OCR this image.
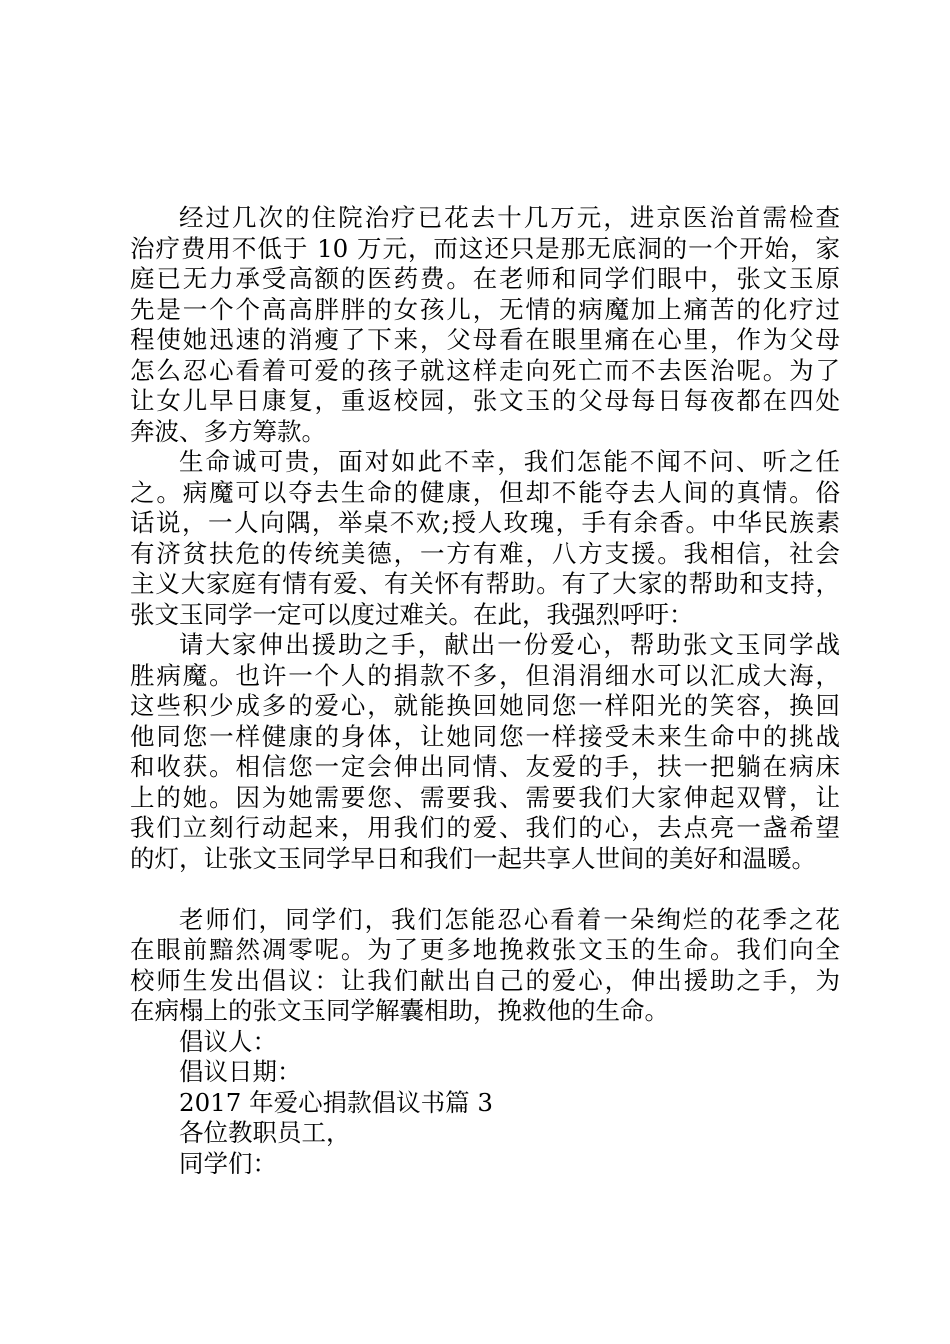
经过几次的住院治疗已花去十几万元，进京医治首需检查
治疗费用不低于 10 万元，而这还只是那无底洞的一个开始，家
庭已无力承受高额的医药费。在老师和同学们眼中，张文玉原
先是一个个高高胖胖的女孩儿，无情的病魔加上痛苦的化疗过
程使她迅速的消瘦了下来，父母看在眼里痛在心里，作为父母
怎么忍心看着可爱的孩子就这样走向死亡而不去医治呢。为了
让女儿早日康复，重返校园，张文玉的父母每日每夜都在四处
奔波、多方筹款。
生命诚可贵，面对如此不幸，我们怎能不闻不问、听之任
之。病魔可以夺去生命的健康，但却不能夺去人间的真情。俗
话说，一人向隅，举桌不欢;授人玫瑰，手有余香。中华民族素
有济贫扶危的传统美德，一方有难，八方支援。我相信，社会
主义大家庭有情有爱、有关怀有帮助。有了大家的帮助和支持，
张文玉同学一定可以度过难关。在此，我强烈呼吁：
请大家伸出援助之手，献出一份爱心，帮助张文玉同学战
胜病魔。也许一个人的捐款不多，但涓涓细水可以汇成大海，
这些积少成多的爱心，就能换回她同您一样阳光的笑容，换回
他同您一样健康的身体，让她同您一样接受未来生命中的挑战
和收获。相信您一定会伸出同情、友爱的手，扶一把躺在病床
上的她。因为她需要您、需要我、需要我们大家伸起双臂，让
我们立刻行动起来，用我们的爱、我们的心，去点亮一盏希望
的灯，让张文玉同学早日和我们一起共享人世间的美好和温暖。
老师们，同学们，我们怎能忍心看着一朵绚烂的花季之花
在眼前黯然凋零呢。为了更多地挽救张文玉的生命。我们向全
校师生发出倡议：让我们献出自己的爱心，伸出援助之手，为
在病榻上的张文玉同学解囊相助，挽救他的生命。

倡议人：

倡议日期：

2017 年爱心捐款倡议书篇 3

各位教职员工，

同学们：
